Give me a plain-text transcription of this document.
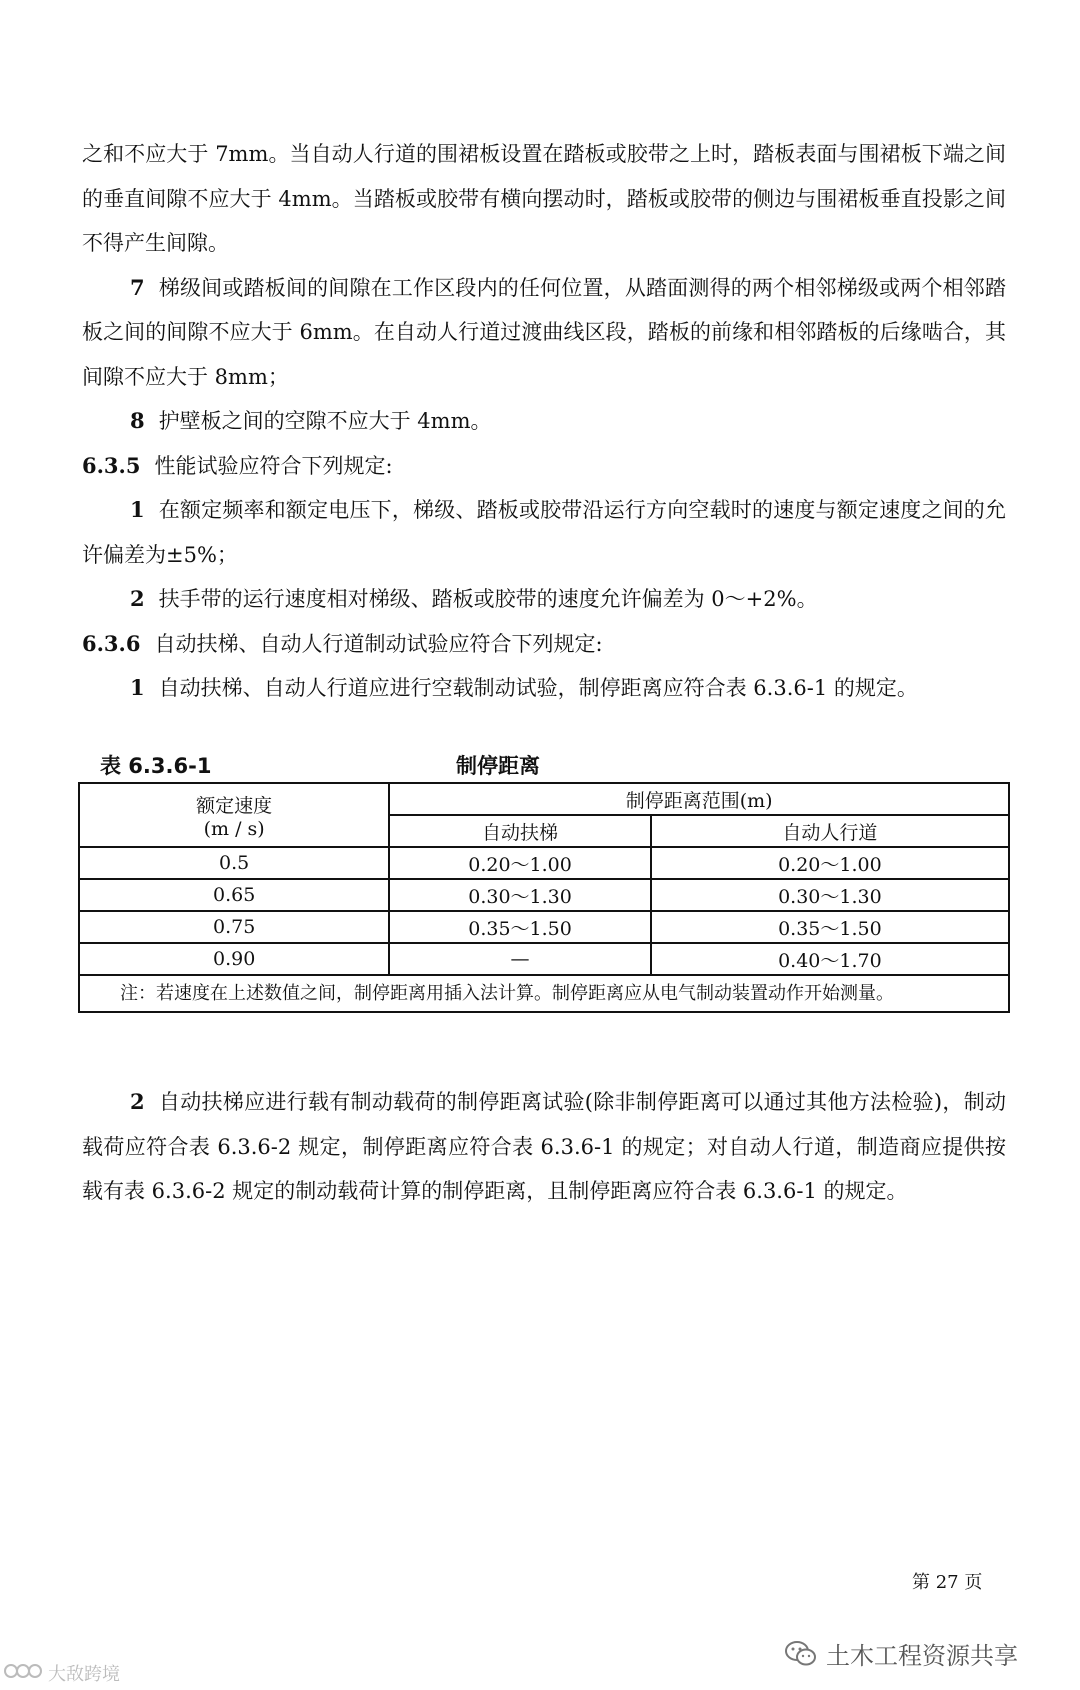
之和不应大于 7mm。当自动人行道的围裙板设置在踏板或胶带之上时，踏板表面与围裙板下端之间的垂直间隙不应大于 4mm。当踏板或胶带有横向摆动时，踏板或胶带的侧边与围裙板垂直投影之间不得产生间隙。

7 梯级间或踏板间的间隙在工作区段内的任何位置，从踏面测得的两个相邻梯级或两个相邻踏板之间的间隙不应大于 6mm。在自动人行道过渡曲线区段，踏板的前缘和相邻踏板的后缘啮合，其间隙不应大于 8mm；

8 护壁板之间的空隙不应大于 4mm。

6.3.5 性能试验应符合下列规定:

1 在额定频率和额定电压下，梯级、踏板或胶带沿运行方向空载时的速度与额定速度之间的允许偏差为±5%；

2 扶手带的运行速度相对梯级、踏板或胶带的速度允许偏差为 0～+2%。

6.3.6 自动扶梯、自动人行道制动试验应符合下列规定:

1 自动扶梯、自动人行道应进行空载制动试验，制停距离应符合表 6.3.6-1 的规定。

表 6.3.6-1	制停距离
额定速度
(m / s)	制停距离范围(m)	
	自动扶梯	自动人行道
0.5	0.20～1.00	0.20～1.00
0.65	0.30～1.30	0.30～1.30
0.75	0.35～1.50	0.35～1.50
0.90	—	0.40～1.70

注：若速度在上述数值之间，制停距离用插入法计算。制停距离应从电气制动装置动作开始测量。		

2 自动扶梯应进行载有制动载荷的制停距离试验(除非制停距离可以通过其他方法检验)，制动载荷应符合表 6.3.6-2 规定，制停距离应符合表 6.3.6-1 的规定；对自动人行道，制造商应提供按载有表 6.3.6-2 规定的制动载荷计算的制停距离，且制停距离应符合表 6.3.6-1 的规定。

第 27 页
土木工程资源共享
大敌跨境
